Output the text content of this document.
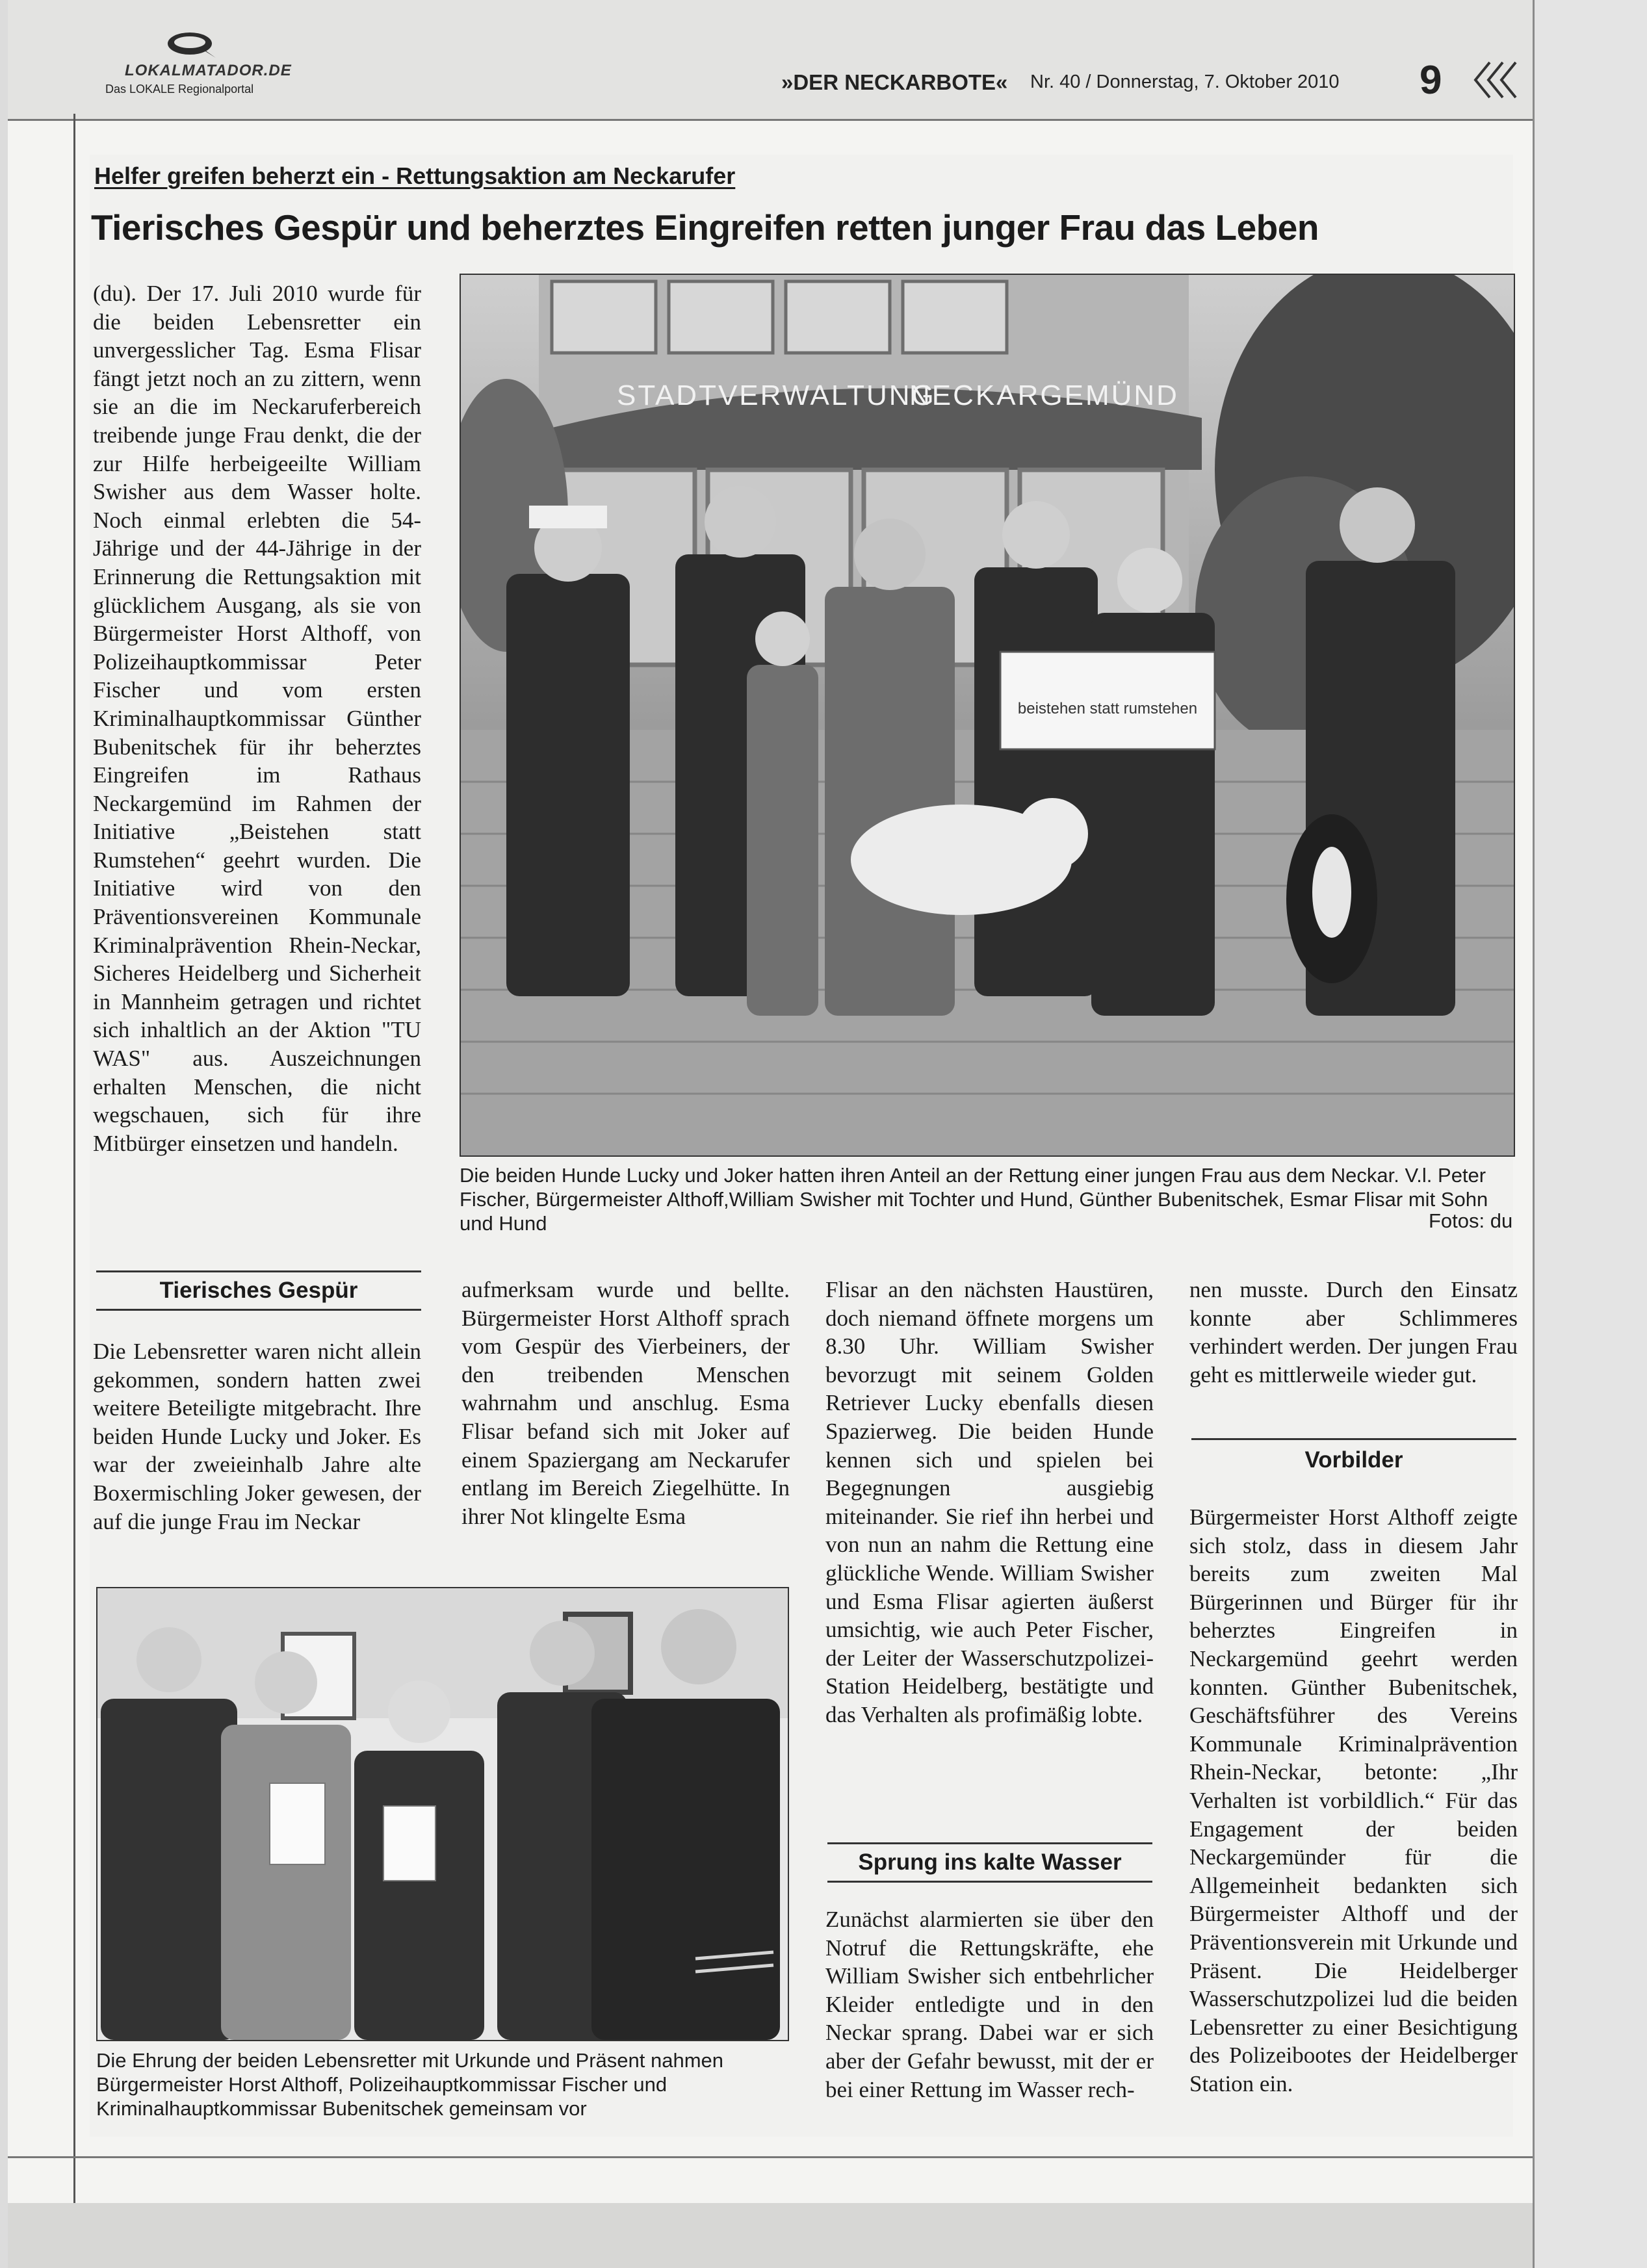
LOKALMATADOR.DE
Das LOKALE Regionalportal	»DER NECKARBOTE« Nr. 40 / Donnerstag, 7. Oktober 2010 9
Helfer greifen beherzt ein - Rettungsaktion am Neckarufer
Tierisches Gespür und beherztes Eingreifen retten junger Frau das Leben

(du). Der 17. Juli 2010 wurde für die beiden Lebensretter ein unvergesslicher Tag. Esma Flisar fängt jetzt noch an zu zittern, wenn sie an die im Neckaruferbereich treibende junge Frau denkt, die der zur Hilfe herbeigeeilte William Swisher aus dem Wasser holte. Noch einmal erlebten die 54-Jährige und der 44-Jährige in der Erinnerung die Rettungsaktion mit glücklichem Ausgang, als sie von Bürgermeister Horst Althoff, von Polizeihauptkommissar Peter Fischer und vom ersten Kriminalhauptkommissar Günther Bubenitschek für ihr beherztes Eingreifen im Rathaus Neckargemünd im Rahmen der Initiative „Beistehen statt Rumstehen“ geehrt wurden. Die Initiative wird von den Präventionsvereinen Kommunale Kriminalprävention Rhein-Neckar, Sicheres Heidelberg und Sicherheit in Mannheim getragen und richtet sich inhaltlich an der Aktion "TU WAS" aus. Auszeichnungen erhalten Menschen, die nicht wegschauen, sich für ihre Mitbürger einsetzen und handeln.

STADTVERWALTUNG
NECKARGEMÜND
beistehen statt rumstehen
Die beiden Hunde Lucky und Joker hatten ihren Anteil an der Rettung einer jungen Frau aus dem Neckar. V.l. Peter Fischer, Bürgermeister Althoff,William Swisher mit Tochter und Hund, Günther Bubenitschek, Esmar Flisar mit Sohn und Hund	Fotos: du
Tierisches Gespür

Die Lebensretter waren nicht allein gekommen, sondern hatten zwei weitere Beteiligte mitgebracht. Ihre beiden Hunde Lucky und Joker. Es war der zweieinhalb Jahre alte Boxermischling Joker gewesen, der auf die junge Frau im Neckar

aufmerksam wurde und bellte. Bürgermeister Horst Althoff sprach vom Gespür des Vierbeiners, der den treibenden Menschen wahrnahm und anschlug. Esma Flisar befand sich mit Joker auf einem Spaziergang am Neckarufer entlang im Bereich Ziegelhütte. In ihrer Not klingelte Esma

Flisar an den nächsten Haustüren, doch niemand öffnete morgens um 8.30 Uhr. William Swisher bevorzugt mit seinem Golden Retriever Lucky ebenfalls diesen Spazierweg. Die beiden Hunde kennen sich und spielen bei Begegnungen ausgiebig miteinander. Sie rief ihn herbei und von nun an nahm die Rettung eine glückliche Wende. William Swisher und Esma Flisar agierten äußerst umsichtig, wie auch Peter Fischer, der Leiter der Wasserschutzpolizei-Station Heidelberg, bestätigte und das Verhalten als profimäßig lobte.

Sprung ins kalte Wasser

Zunächst alarmierten sie über den Notruf die Rettungskräfte, ehe William Swisher sich entbehrlicher Kleider entledigte und in den Neckar sprang. Dabei war er sich aber der Gefahr bewusst, mit der er bei einer Rettung im Wasser rech-

nen musste. Durch den Einsatz konnte aber Schlimmeres verhindert werden. Der jungen Frau geht es mittlerweile wieder gut.

Vorbilder

Bürgermeister Horst Althoff zeigte sich stolz, dass in diesem Jahr bereits zum zweiten Mal Bürgerinnen und Bürger für ihr beherztes Eingreifen in Neckargemünd geehrt werden konnten. Günther Bubenitschek, Geschäftsführer des Vereins Kommunale Kriminalprävention Rhein-Neckar, betonte: „Ihr Verhalten ist vorbildlich.“ Für das Engagement der beiden Neckargemünder für die Allgemeinheit bedankten sich Bürgermeister Althoff und der Präventionsverein mit Urkunde und Präsent. Die Heidelberger Wasserschutzpolizei lud die beiden Lebensretter zu einer Besichtigung des Polizeibootes der Heidelberger Station ein.

Die Ehrung der beiden Lebensretter mit Urkunde und Präsent nahmen Bürgermeister Horst Althoff, Polizeihauptkommissar Fischer und Kriminalhauptkommissar Bubenitschek gemeinsam vor
